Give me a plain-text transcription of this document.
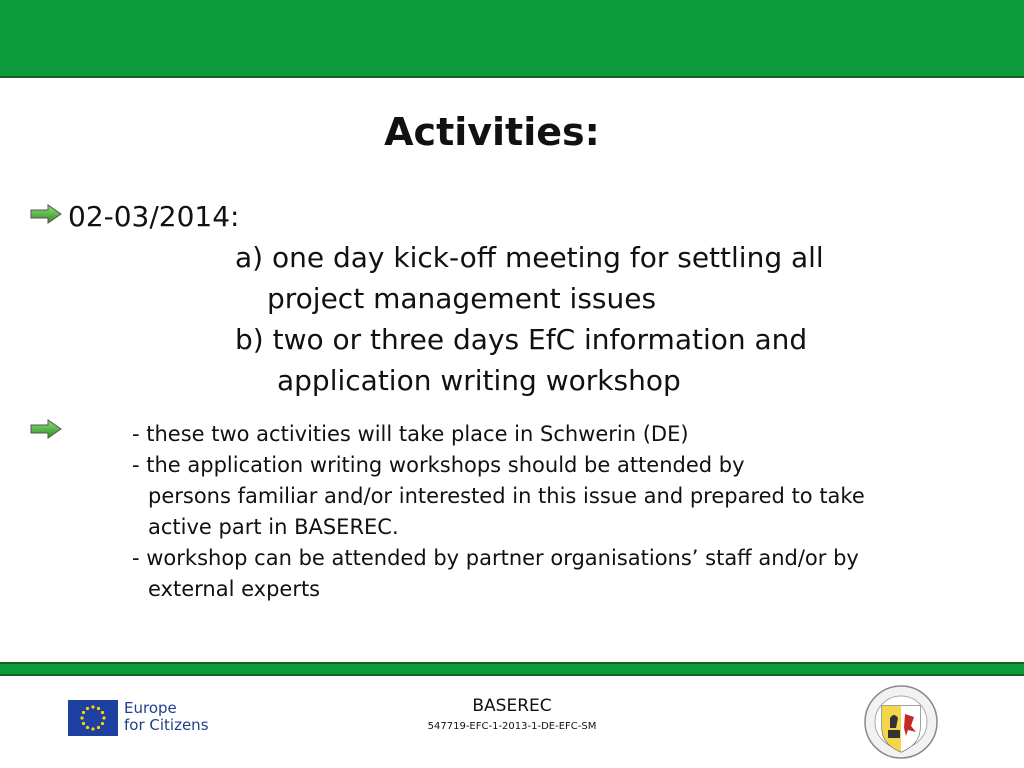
Activities:
02-03/2014:
a) one day kick-off meeting for settling all
project management issues
b) two or three days EfC information and
application writing workshop
- these two activities will take place in Schwerin (DE)
- the application writing workshops should be attended by
persons familiar and/or interested in this issue and prepared to take
active part in BASEREC.
- workshop can be attended by partner organisations’ staff and/or by
external experts
Europe
for Citizens
BASEREC
547719-EFC-1-2013-1-DE-EFC-SM
